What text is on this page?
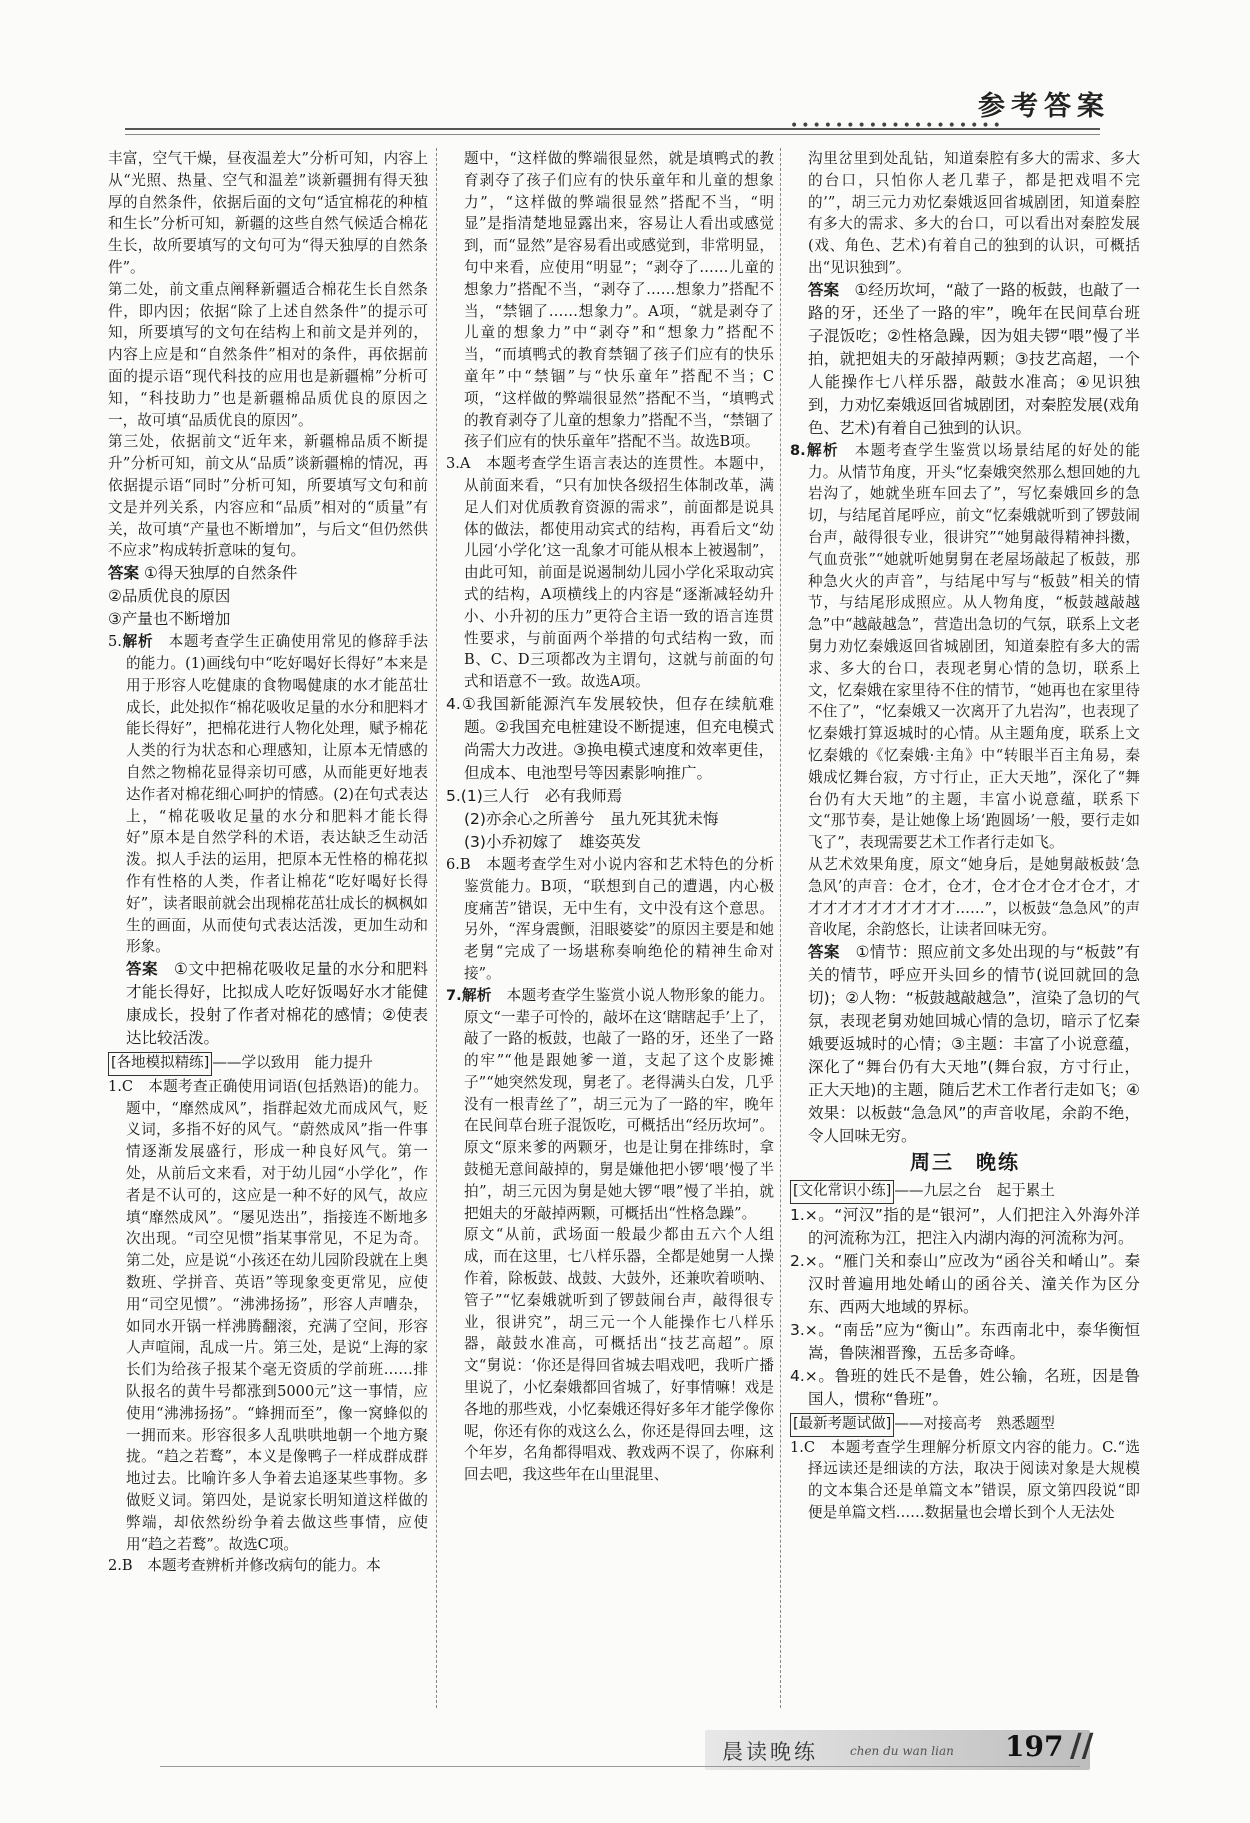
参考答案
•••••••••••••••••••

丰富，空气干燥，昼夜温差大”分析可知，内容上从“光照、热量、空气和温差”谈新疆拥有得天独厚的自然条件，依据后面的文句“适宜棉花的种植和生长”分析可知，新疆的这些自然气候适合棉花生长，故所要填写的文句可为“得天独厚的自然条件”。

第二处，前文重点阐释新疆适合棉花生长自然条件，即内因；依据“除了上述自然条件”的提示可知，所要填写的文句在结构上和前文是并列的，内容上应是和“自然条件”相对的条件，再依据前面的提示语“现代科技的应用也是新疆棉”分析可知，“科技助力”也是新疆棉品质优良的原因之一，故可填“品质优良的原因”。

第三处，依据前文“近年来，新疆棉品质不断提升”分析可知，前文从“品质”谈新疆棉的情况，再依据提示语“同时”分析可知，所要填写文句和前文是并列关系，内容应和“品质”相对的“质量”有关，故可填“产量也不断增加”，与后文“但仍然供不应求”构成转折意味的复句。

答案 ①得天独厚的自然条件
②品质优良的原因
③产量也不断增加

5.解析　 本题考查学生正确使用常见的修辞手法的能力。(1)画线句中“吃好喝好长得好”本来是用于形容人吃健康的食物喝健康的水才能茁壮成长，此处拟作“棉花吸收足量的水分和肥料才能长得好”，把棉花进行人物化处理，赋予棉花人类的行为状态和心理感知，让原本无情感的自然之物棉花显得亲切可感，从而能更好地表达作者对棉花细心呵护的情感。(2)在句式表达上，“棉花吸收足量的水分和肥料才能长得好”原本是自然学科的术语，表达缺乏生动活泼。拟人手法的运用，把原本无性格的棉花拟作有性格的人类，作者让棉花“吃好喝好长得好”，读者眼前就会出现棉花茁壮成长的枫枫如生的画面，从而使句式表达活泼，更加生动和形象。

答案　 ①文中把棉花吸收足量的水分和肥料才能长得好，比拟成人吃好饭喝好水才能健康成长，投射了作者对棉花的感情；②使表达比较活泼。
[各地模拟精练] ——学以致用　能力提升

1.C　本题考查正确使用词语(包括熟语)的能力。题中，“靡然成风”，指群起效尤而成风气，贬义词，多指不好的风气。“蔚然成风”指一件事情逐渐发展盛行，形成一种良好风气。第一处，从前后文来看，对于幼儿园“小学化”，作者是不认可的，这应是一种不好的风气，故应填“靡然成风”。“屡见迭出”，指接连不断地多次出现。“司空见惯”指某事常见，不足为奇。第二处，应是说“小孩还在幼儿园阶段就在上奥数班、学拼音、英语”等现象变更常见，应使用“司空见惯”。“沸沸扬扬”，形容人声嘈杂，如同水开锅一样沸腾翻滚，充满了空间，形容人声喧闹，乱成一片。第三处，是说“上海的家长们为给孩子报某个毫无资质的学前班……排队报名的黄牛号都涨到5000元”这一事情，应使用“沸沸扬扬”。“蜂拥而至”，像一窝蜂似的一拥而来。形容很多人乱哄哄地朝一个地方聚拢。“趋之若鹜”，本义是像鸭子一样成群成群地过去。比喻许多人争着去追逐某些事物。多做贬义词。第四处，是说家长明知道这样做的弊端，却依然纷纷争着去做这些事情，应使用“趋之若鹜”。故选C项。

2.B　本题考查辨析并修改病句的能力。本

题中，“这样做的弊端很显然，就是填鸭式的教育剥夺了孩子们应有的快乐童年和儿童的想象力”，“这样做的弊端很显然”搭配不当，“明显”是指清楚地显露出来，容易让人看出或感觉到，而“显然”是容易看出或感觉到，非常明显，句中来看，应使用“明显”；“剥夺了……儿童的想象力”搭配不当，“剥夺了……想象力”搭配不当，“禁锢了……想象力”。A项，“就是剥夺了儿童的想象力”中“剥夺”和“想象力”搭配不当，“而填鸭式的教育禁锢了孩子们应有的快乐童年”中“禁锢”与“快乐童年”搭配不当；C项，“这样做的弊端很显然”搭配不当，“填鸭式的教育剥夺了儿童的想象力”搭配不当，“禁锢了孩子们应有的快乐童年”搭配不当。故选B项。

3.A　本题考查学生语言表达的连贯性。本题中，从前面来看，“只有加快各级招生体制改革，满足人们对优质教育资源的需求”，前面都是说具体的做法，都使用动宾式的结构，再看后文“幼儿园‘小学化’这一乱象才可能从根本上被遏制”，由此可知，前面是说遏制幼儿园小学化采取动宾式的结构，A项横线上的内容是“逐渐减轻幼升小、小升初的压力”更符合主语一致的语言连贯性要求，与前面两个举措的句式结构一致，而B、C、D三项都改为主谓句，这就与前面的句式和语意不一致。故选A项。

4.①我国新能源汽车发展较快，但存在续航难题。②我国充电桩建设不断提速，但充电模式尚需大力改进。③换电模式速度和效率更佳，但成本、电池型号等因素影响推广。

5.(1)三人行　必有我师焉

(2)亦余心之所善兮　虽九死其犹未悔

(3)小乔初嫁了　雄姿英发

6.B　本题考查学生对小说内容和艺术特色的分析鉴赏能力。B项，“联想到自己的遭遇，内心极度痛苦”错误，无中生有，文中没有这个意思。另外，“浑身震颤，泪眼婆娑”的原因主要是和她老舅“完成了一场堪称奏响绝伦的精神生命对接”。

7.解析　 本题考查学生鉴赏小说人物形象的能力。原文“一辈子可怜的，敲坏在这‘瞎瞎起手’上了，敲了一路的板鼓，也敲了一路的牙，还坐了一路的牢”“他是跟她爹一道，支起了这个皮影摊子”“她突然发现，舅老了。老得满头白发，几乎没有一根青丝了”，胡三元为了一路的牢，晚年在民间草台班子混饭吃，可概括出“经历坎坷”。原文“原来爹的两颗牙，也是让舅在排练时，拿鼓槌无意间敲掉的，舅是嫌他把小锣‘喂’慢了半拍”，胡三元因为舅是她大锣“喂”慢了半拍，就把姐夫的牙敲掉两颗，可概括出“性格急躁”。

原文“从前，武场面一般最少都由五六个人组成，而在这里，七八样乐器，全都是她舅一人操作着，除板鼓、战鼓、大鼓外，还兼吹着唢呐、管子”“忆秦娥就听到了锣鼓闹台声，敲得很专业，很讲究”，胡三元一个人能操作七八样乐器，敲鼓水准高，可概括出“技艺高超”。原文“舅说：‘你还是得回省城去唱戏吧，我听广播里说了，小忆秦娥都回省城了，好事情嘛！戏是各地的那些戏，小忆秦娥还得好多年才能学像你呢，你还有你的戏这么么，你还是得回去哩，这个年岁，名角都得唱戏、教戏两不误了，你麻利回去吧，我这些年在山里混里、

沟里岔里到处乱钻，知道秦腔有多大的需求、多大的台口，只怕你人老几辈子，都是把戏唱不完的’”，胡三元力劝忆秦娥返回省城剧团，知道秦腔有多大的需求、多大的台口，可以看出对秦腔发展(戏、角色、艺术)有着自己的独到的认识，可概括出“见识独到”。

答案　 ①经历坎坷，“敲了一路的板鼓，也敲了一路的牙，还坐了一路的牢”，晚年在民间草台班子混饭吃；②性格急躁，因为姐夫锣“喂”慢了半拍，就把姐夫的牙敲掉两颗；③技艺高超，一个人能操作七八样乐器，敲鼓水准高；④见识独到，力劝忆秦娥返回省城剧团，对秦腔发展(戏角色、艺术)有着自己独到的认识。

8.解析　 本题考查学生鉴赏以场景结尾的好处的能力。从情节角度，开头“忆秦娥突然那么想回她的九岩沟了，她就坐班车回去了”，写忆秦娥回乡的急切，与结尾首尾呼应，前文“忆秦娥就听到了锣鼓闹台声，敲得很专业，很讲究”“她舅敲得精神抖擞，气血贲张”“她就听她舅舅在老屋场敲起了板鼓，那种急火火的声音”，与结尾中写与“板鼓”相关的情节，与结尾形成照应。从人物角度，“板鼓越敲越急”中“越敲越急”，营造出急切的气氛，联系上文老舅力劝忆秦娥返回省城剧团，知道秦腔有多大的需求、多大的台口，表现老舅心情的急切，联系上文，忆秦娥在家里待不住的情节，“她再也在家里待不住了”，“忆秦娥又一次离开了九岩沟”，也表现了忆秦娥打算返城时的心情。从主题角度，联系上文忆秦娥的《忆秦娥·主角》中“转眼半百主角易，秦娥成忆舞台寂，方寸行止，正大天地”，深化了“舞台仍有大天地”的主题，丰富小说意蕴，联系下文“那节奏，是让她像上场‘跑圆场’一般，要行走如飞了”，表现需要艺术工作者行走如飞。

从艺术效果角度，原文“她身后，是她舅敲板鼓‘急急风’的声音：仓才，仓才，仓才仓才仓才仓才，才才才才才才才才才才才……”，以板鼓“急急风”的声音收尾，余韵悠长，让读者回味无穷。

答案　 ①情节：照应前文多处出现的与“板鼓”有关的情节，呼应开头回乡的情节(说回就回的急切)；②人物：“板鼓越敲越急”，渲染了急切的气氛，表现老舅劝她回城心情的急切，暗示了忆秦娥要返城时的心情；③主题：丰富了小说意蕴，深化了“舞台仍有大天地”(舞台寂，方寸行止，正大天地)的主题，随后艺术工作者行走如飞；④效果：以板鼓“急急风”的声音收尾，余韵不绝，令人回味无穷。
周三　晚练
[文化常识小练] ——九层之台　起于累土

1.×。“河汉”指的是“银河”，人们把注入外海外洋的河流称为江，把注入内湖内海的河流称为河。

2.×。“雁门关和泰山”应改为“函谷关和崤山”。秦汉时普遍用地处崤山的函谷关、潼关作为区分东、西两大地域的界标。

3.×。“南岳”应为“衡山”。东西南北中，泰华衡恒嵩，鲁陕湘晋豫，五岳多奇峰。

4.×。鲁班的姓氏不是鲁，姓公输，名班，因是鲁国人，惯称“鲁班”。

[最新考题试做] ——对接高考　熟悉题型

1.C　本题考查学生理解分析原文内容的能力。C.“选择远读还是细读的方法，取决于阅读对象是大规模的文本集合还是单篇文本”错误，原文第四段说“即便是单篇文档……数据量也会增长到个人无法处

晨读晚练	chen du wan lian 197 //
